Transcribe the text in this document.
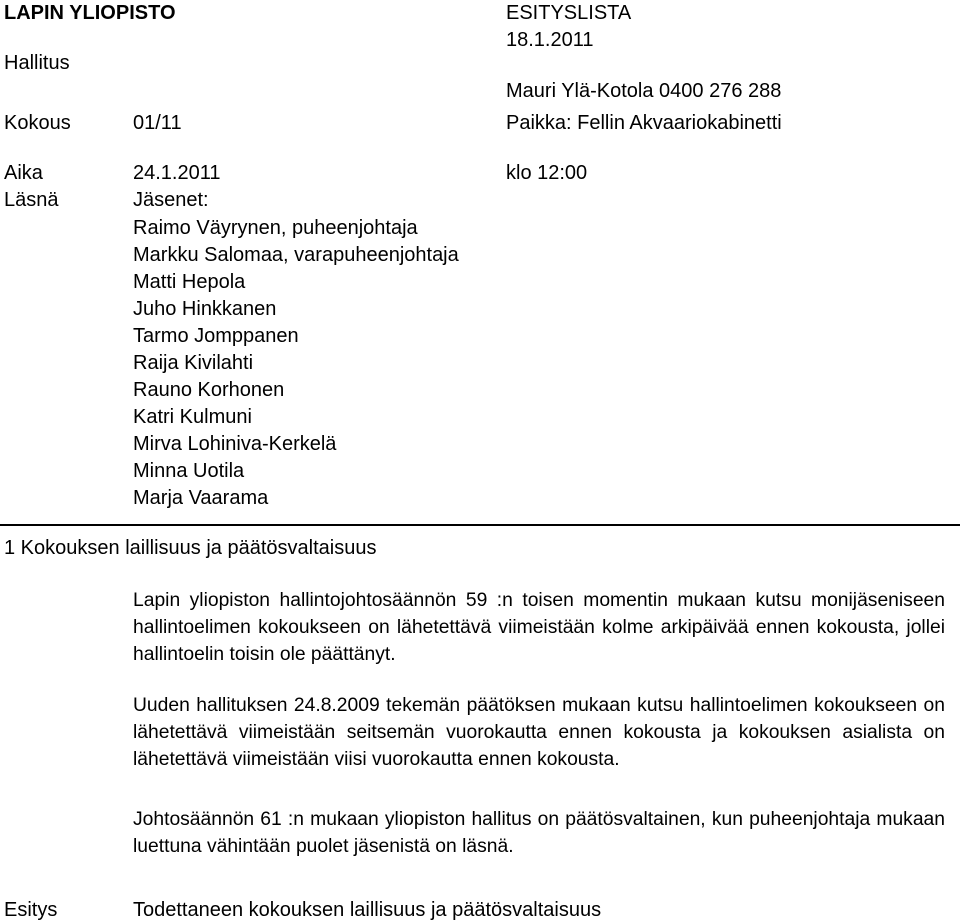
LAPIN YLIOPISTO	ESITYSLISTA
18.1.2011
Hallitus
Mauri Ylä-Kotola 0400 276 288
Kokous	01/11	Paikka: Fellin Akvaariokabinetti
Aika	24.1.2011	klo 12:00
Läsnä	Jäsenet:
Raimo Väyrynen, puheenjohtaja
Markku Salomaa, varapuheenjohtaja
Matti Hepola
Juho Hinkkanen
Tarmo Jomppanen
Raija Kivilahti
Rauno Korhonen
Katri Kulmuni
Mirva Lohiniva-Kerkelä
Minna Uotila
Marja Vaarama
1 Kokouksen laillisuus ja päätösvaltaisuus
Lapin yliopiston hallintojohtosäännön 59 :n toisen momentin mukaan kutsu monijäseniseen hallintoelimen kokoukseen on lähetettävä viimeistään kolme arkipäivää ennen kokousta, jollei hallintoelin toisin ole päättänyt.
Uuden hallituksen 24.8.2009 tekemän päätöksen mukaan kutsu hallintoelimen kokoukseen on lähetettävä viimeistään seitsemän vuorokautta ennen kokousta ja kokouksen asialista on lähetettävä viimeistään viisi vuorokautta ennen kokousta.
Johtosäännön 61 :n mukaan yliopiston hallitus on päätösvaltainen, kun puheenjohtaja mukaan luettuna vähintään puolet jäsenistä on läsnä.
Esitys	Todettaneen kokouksen laillisuus ja päätösvaltaisuus
